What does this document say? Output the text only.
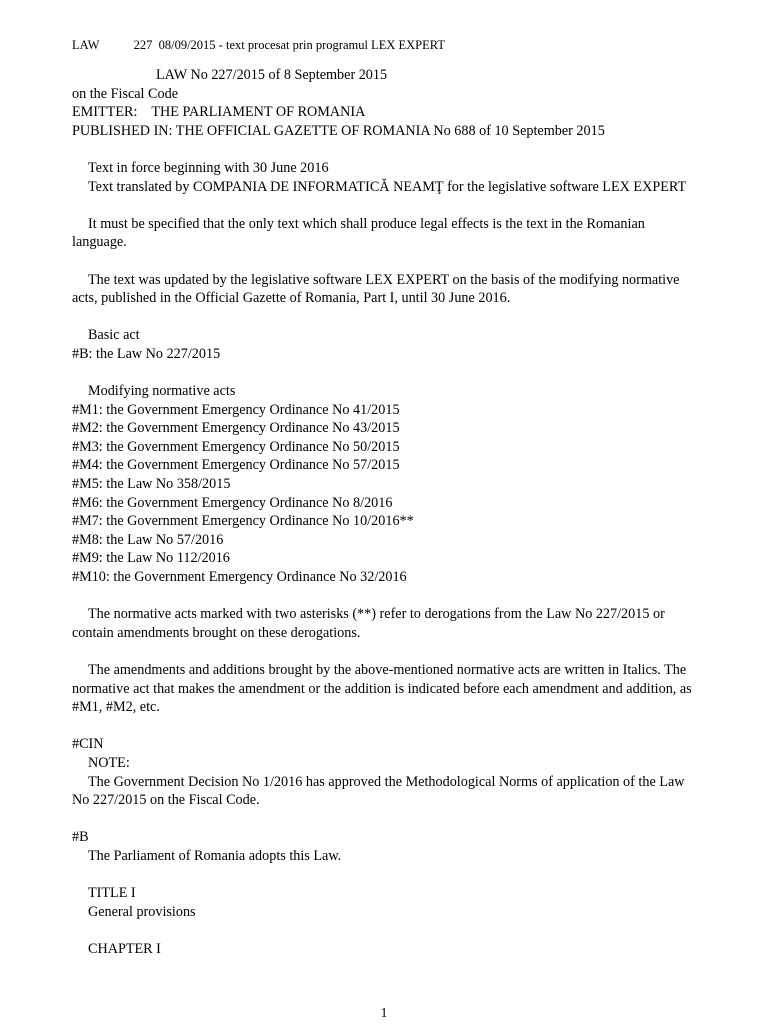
LAW	227  08/09/2015 - text procesat prin programul LEX EXPERT

LAW No 227/2015 of 8 September 2015

on the Fiscal Code

EMITTER:    THE PARLIAMENT OF ROMANIA

PUBLISHED IN: THE OFFICIAL GAZETTE OF ROMANIA No 688 of 10 September 2015

Text in force beginning with 30 June 2016

Text translated by COMPANIA DE INFORMATICĂ NEAMŢ for the legislative software LEX EXPERT

It must be specified that the only text which shall produce legal effects is the text in the Romanian

language.

The text was updated by the legislative software LEX EXPERT on the basis of the modifying normative

acts, published in the Official Gazette of Romania, Part I, until 30 June 2016.

Basic act

#B: the Law No 227/2015

Modifying normative acts

#M1: the Government Emergency Ordinance No 41/2015

#M2: the Government Emergency Ordinance No 43/2015

#M3: the Government Emergency Ordinance No 50/2015

#M4: the Government Emergency Ordinance No 57/2015

#M5: the Law No 358/2015

#M6: the Government Emergency Ordinance No 8/2016

#M7: the Government Emergency Ordinance No 10/2016**

#M8: the Law No 57/2016

#M9: the Law No 112/2016

#M10: the Government Emergency Ordinance No 32/2016

The normative acts marked with two asterisks (**) refer to derogations from the Law No 227/2015 or

contain amendments brought on these derogations.

The amendments and additions brought by the above-mentioned normative acts are written in Italics. The

normative act that makes the amendment or the addition is indicated before each amendment and addition, as

#M1, #M2, etc.

#CIN

NOTE:

The Government Decision No 1/2016 has approved the Methodological Norms of application of the Law

No 227/2015 on the Fiscal Code.

#B

The Parliament of Romania adopts this Law.

TITLE I

General provisions

CHAPTER I

1
